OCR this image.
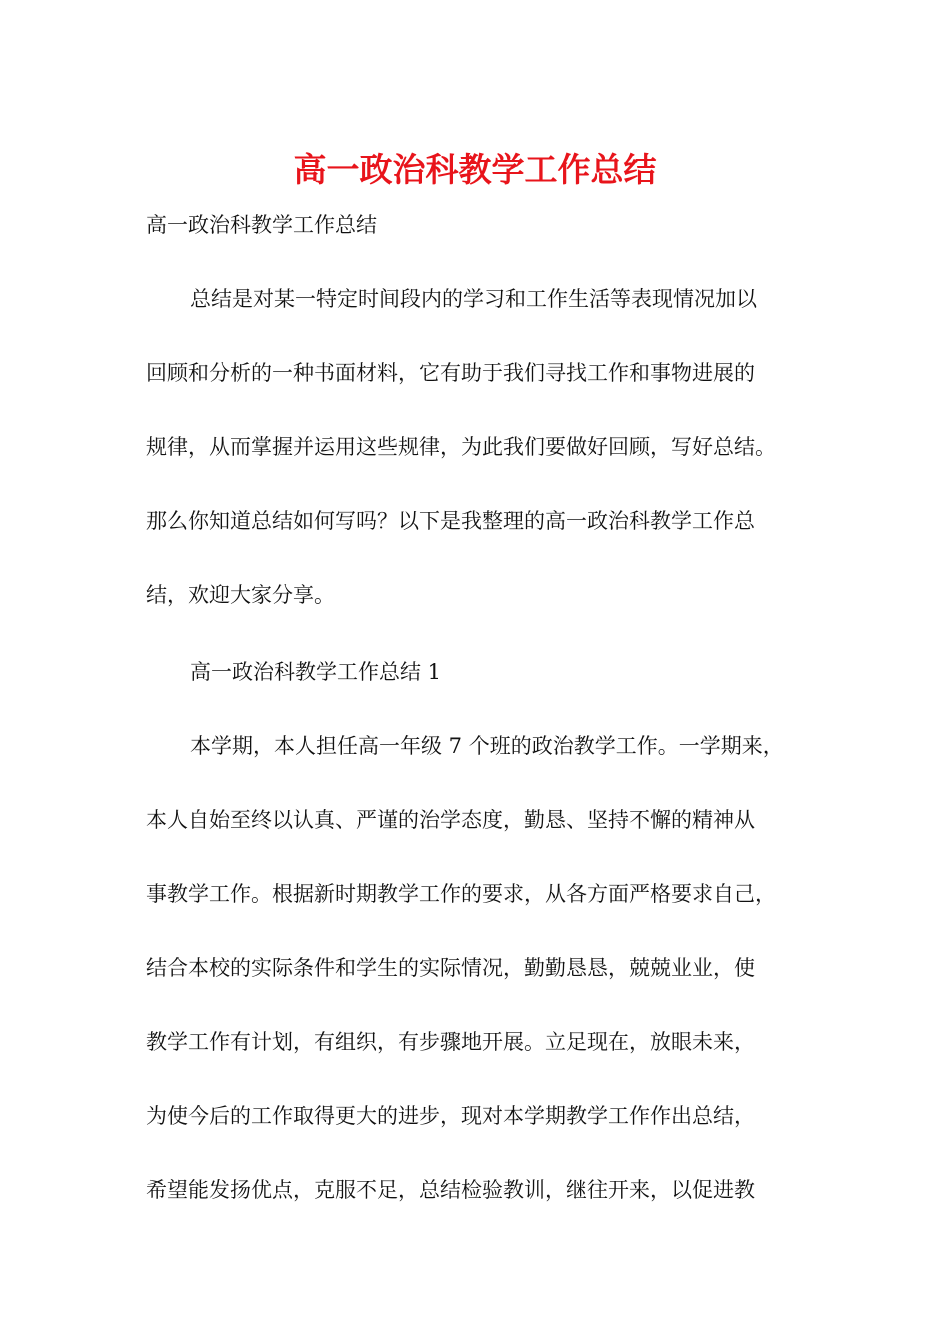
高一政治科教学工作总结
高一政治科教学工作总结
总结是对某一特定时间段内的学习和工作生活等表现情况加以
回顾和分析的一种书面材料，它有助于我们寻找工作和事物进展的
规律，从而掌握并运用这些规律，为此我们要做好回顾，写好总结。
那么你知道总结如何写吗？以下是我整理的高一政治科教学工作总
结，欢迎大家分享。
高一政治科教学工作总结 1
本学期，本人担任高一年级 7 个班的政治教学工作。一学期来，
本人自始至终以认真、严谨的治学态度，勤恳、坚持不懈的精神从
事教学工作。根据新时期教学工作的要求，从各方面严格要求自己，
结合本校的实际条件和学生的实际情况，勤勤恳恳，兢兢业业，使
教学工作有计划，有组织，有步骤地开展。立足现在，放眼未来，
为使今后的工作取得更大的进步，现对本学期教学工作作出总结，
希望能发扬优点，克服不足，总结检验教训，继往开来，以促进教
